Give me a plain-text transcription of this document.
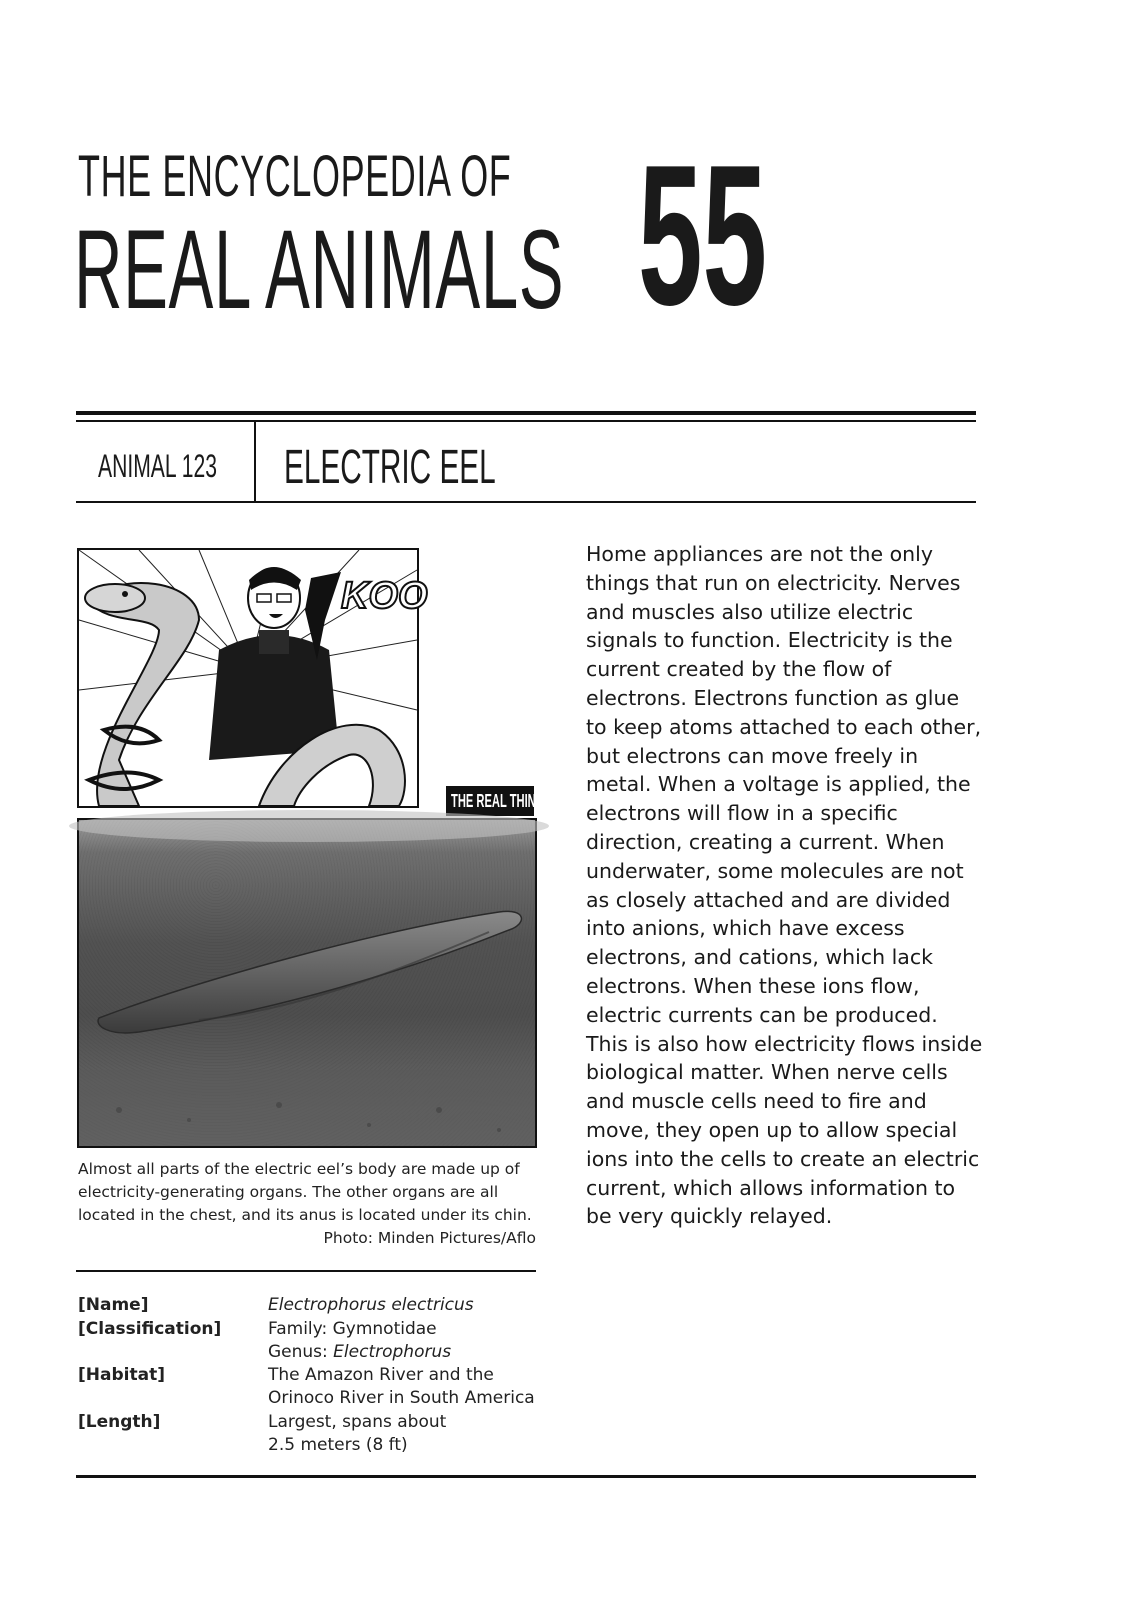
THE ENCYCLOPEDIA OF
REAL ANIMALS 55
ANIMAL 123 ELECTRIC EEL
KOO
THE REAL THING
Almost all parts of the electric eel’s body are made up of electricity-generating organs. The other organs are all located in the chest, and its anus is located under its chin.
Photo: Minden Pictures/Aflo
Home appliances are not the only things that run on electricity. Nerves and muscles also utilize electric signals to function. Electricity is the current created by the flow of electrons. Electrons function as glue to keep atoms attached to each other, but electrons can move freely in metal. When a voltage is applied, the electrons will flow in a specific direction, creating a current. When underwater, some molecules are not as closely attached and are divided into anions, which have excess electrons, and cations, which lack electrons. When these ions flow, electric currents can be produced. This is also how electricity flows inside biological matter. When nerve cells and muscle cells need to fire and move, they open up to allow special ions into the cells to create an electric current, which allows information to be very quickly relayed.
[Name]	Electrophorus electricus
[Classification]	Family: Gymnotidae
Genus: Electrophorus
[Habitat]	The Amazon River and the
Orinoco River in South America
[Length]	Largest, spans about
2.5 meters (8 ft)
